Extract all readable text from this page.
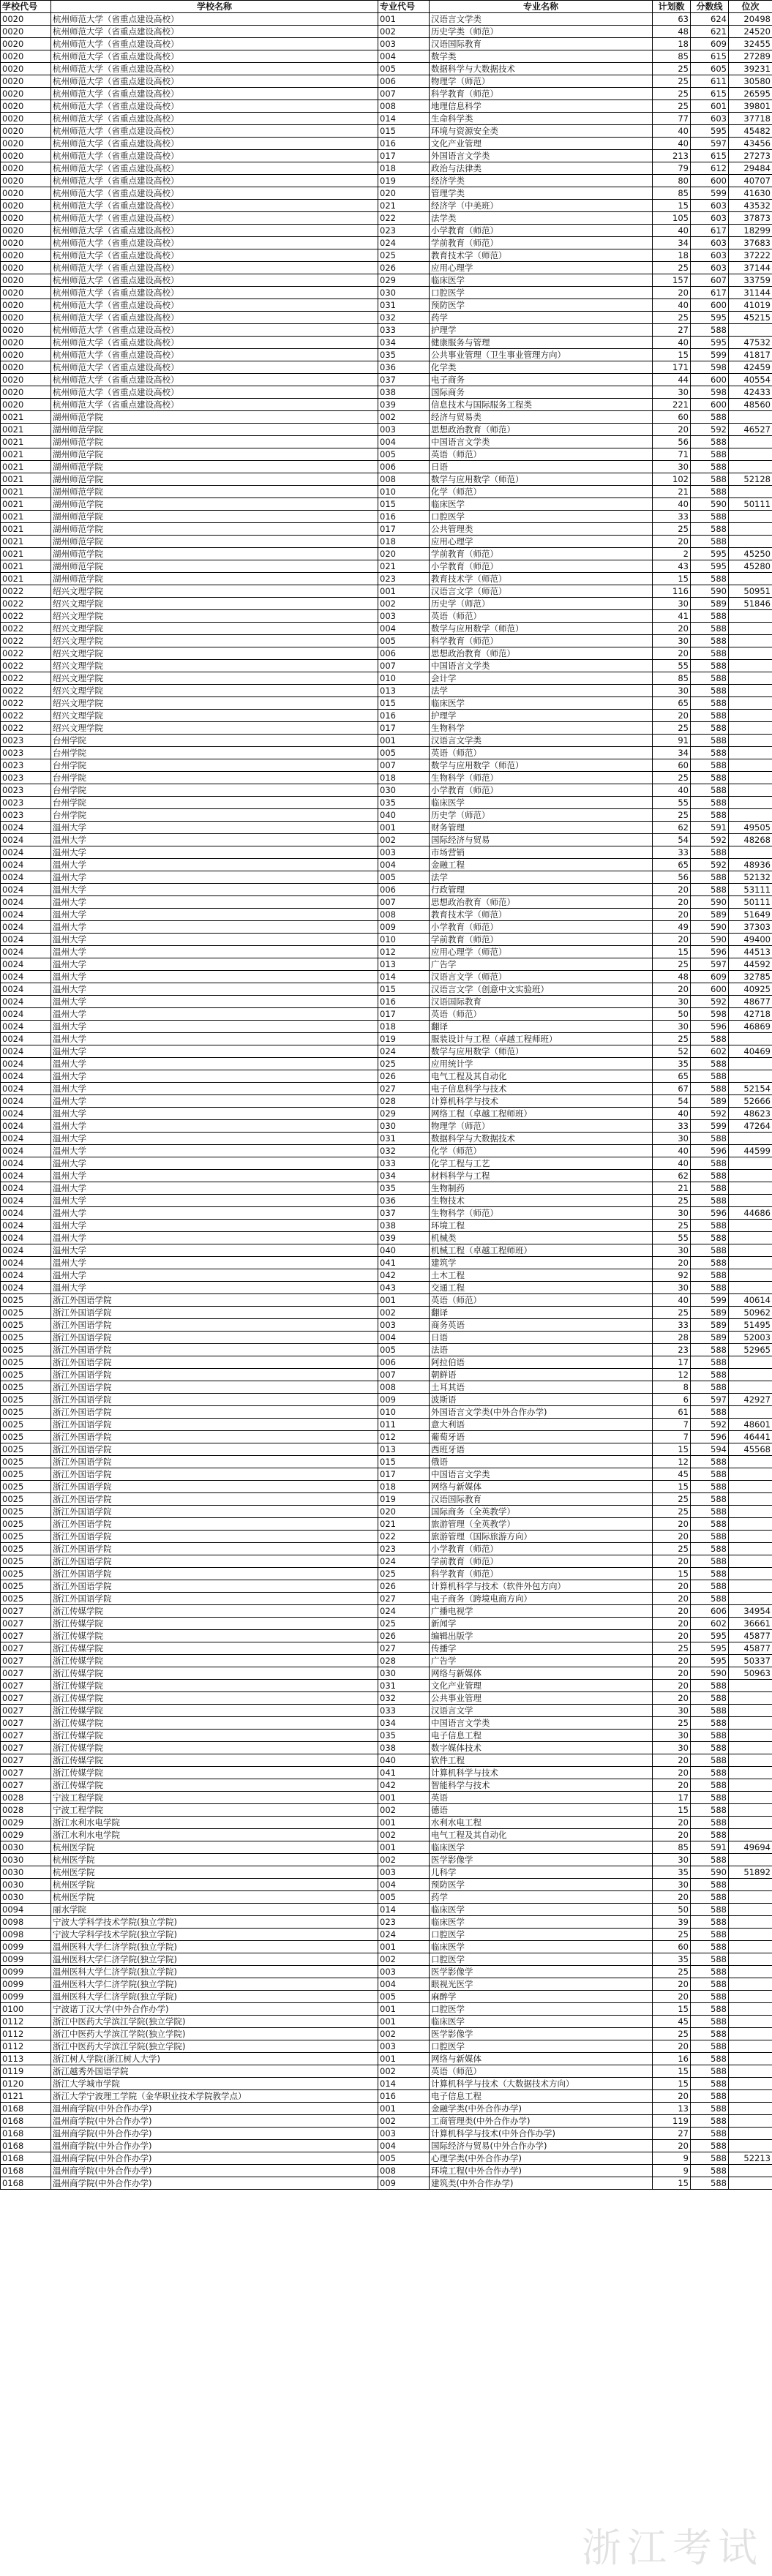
学校代号	学校名称	专业代号	专业名称	计划数	分数线	位次
0020	杭州师范大学（省重点建设高校）	001	汉语言文学类	63	624	20498
0020	杭州师范大学（省重点建设高校）	002	历史学类（师范）	48	621	24520
0020	杭州师范大学（省重点建设高校）	003	汉语国际教育	18	609	32455
0020	杭州师范大学（省重点建设高校）	004	数学类	85	615	27289
0020	杭州师范大学（省重点建设高校）	005	数据科学与大数据技术	25	605	39231
0020	杭州师范大学（省重点建设高校）	006	物理学（师范）	25	611	30580
0020	杭州师范大学（省重点建设高校）	007	科学教育（师范）	25	615	26595
0020	杭州师范大学（省重点建设高校）	008	地理信息科学	25	601	39801
0020	杭州师范大学（省重点建设高校）	014	生命科学类	77	603	37718
0020	杭州师范大学（省重点建设高校）	015	环境与资源安全类	40	595	45482
0020	杭州师范大学（省重点建设高校）	016	文化产业管理	40	597	43456
0020	杭州师范大学（省重点建设高校）	017	外国语言文学类	213	615	27273
0020	杭州师范大学（省重点建设高校）	018	政治与法律类	79	612	29484
0020	杭州师范大学（省重点建设高校）	019	经济学类	80	600	40707
0020	杭州师范大学（省重点建设高校）	020	管理学类	85	599	41630
0020	杭州师范大学（省重点建设高校）	021	经济学（中美班）	15	603	43532
0020	杭州师范大学（省重点建设高校）	022	法学类	105	603	37873
0020	杭州师范大学（省重点建设高校）	023	小学教育（师范）	40	617	18299
0020	杭州师范大学（省重点建设高校）	024	学前教育（师范）	34	603	37683
0020	杭州师范大学（省重点建设高校）	025	教育技术学（师范）	18	603	37222
0020	杭州师范大学（省重点建设高校）	026	应用心理学	25	603	37144
0020	杭州师范大学（省重点建设高校）	029	临床医学	157	607	33759
0020	杭州师范大学（省重点建设高校）	030	口腔医学	20	617	31144
0020	杭州师范大学（省重点建设高校）	031	预防医学	40	600	41019
0020	杭州师范大学（省重点建设高校）	032	药学	25	595	45215
0020	杭州师范大学（省重点建设高校）	033	护理学	27	588	
0020	杭州师范大学（省重点建设高校）	034	健康服务与管理	40	595	47532
0020	杭州师范大学（省重点建设高校）	035	公共事业管理（卫生事业管理方向）	15	599	41817
0020	杭州师范大学（省重点建设高校）	036	化学类	171	598	42459
0020	杭州师范大学（省重点建设高校）	037	电子商务	44	600	40554
0020	杭州师范大学（省重点建设高校）	038	国际商务	30	598	42433
0020	杭州师范大学（省重点建设高校）	039	信息技术与国际服务工程类	221	600	48560
0021	湖州师范学院	002	经济与贸易类	60	588	
0021	湖州师范学院	003	思想政治教育（师范）	20	592	46527
0021	湖州师范学院	004	中国语言文学类	56	588	
0021	湖州师范学院	005	英语（师范）	71	588	
0021	湖州师范学院	006	日语	30	588	
0021	湖州师范学院	008	数学与应用数学（师范）	102	588	52128
0021	湖州师范学院	010	化学（师范）	21	588	
0021	湖州师范学院	015	临床医学	40	590	50111
0021	湖州师范学院	016	口腔医学	33	588	
0021	湖州师范学院	017	公共管理类	25	588	
0021	湖州师范学院	018	应用心理学	20	588	
0021	湖州师范学院	020	学前教育（师范）	2	595	45250
0021	湖州师范学院	021	小学教育（师范）	43	595	45280
0021	湖州师范学院	023	教育技术学（师范）	15	588	
0022	绍兴文理学院	001	汉语言文学（师范）	116	590	50951
0022	绍兴文理学院	002	历史学（师范）	30	589	51846
0022	绍兴文理学院	003	英语（师范）	41	588	
0022	绍兴文理学院	004	数学与应用数学（师范）	20	588	
0022	绍兴文理学院	005	科学教育（师范）	30	588	
0022	绍兴文理学院	006	思想政治教育（师范）	20	588	
0022	绍兴文理学院	007	中国语言文学类	55	588	
0022	绍兴文理学院	010	会计学	85	588	
0022	绍兴文理学院	013	法学	30	588	
0022	绍兴文理学院	015	临床医学	65	588	
0022	绍兴文理学院	016	护理学	20	588	
0022	绍兴文理学院	017	生物科学	25	588	
0023	台州学院	001	汉语言文学类	91	588	
0023	台州学院	005	英语（师范）	34	588	
0023	台州学院	007	数学与应用数学（师范）	60	588	
0023	台州学院	018	生物科学（师范）	25	588	
0023	台州学院	030	小学教育（师范）	40	588	
0023	台州学院	035	临床医学	55	588	
0023	台州学院	040	历史学（师范）	25	588	
0024	温州大学	001	财务管理	62	591	49505
0024	温州大学	002	国际经济与贸易	54	592	48268
0024	温州大学	003	市场营销	33	588	
0024	温州大学	004	金融工程	65	592	48936
0024	温州大学	005	法学	56	588	52132
0024	温州大学	006	行政管理	20	588	53111
0024	温州大学	007	思想政治教育（师范）	20	590	50111
0024	温州大学	008	教育技术学（师范）	20	589	51649
0024	温州大学	009	小学教育（师范）	49	590	37303
0024	温州大学	010	学前教育（师范）	20	590	49400
0024	温州大学	012	应用心理学（师范）	15	596	44513
0024	温州大学	013	广告学	25	597	44592
0024	温州大学	014	汉语言文学（师范）	48	609	32785
0024	温州大学	015	汉语言文学（创意中文实验班）	20	600	40925
0024	温州大学	016	汉语国际教育	30	592	48677
0024	温州大学	017	英语（师范）	50	598	42718
0024	温州大学	018	翻译	30	596	46869
0024	温州大学	019	服装设计与工程（卓越工程师班）	25	588	
0024	温州大学	024	数学与应用数学（师范）	52	602	40469
0024	温州大学	025	应用统计学	35	588	
0024	温州大学	026	电气工程及其自动化	65	588	
0024	温州大学	027	电子信息科学与技术	67	588	52154
0024	温州大学	028	计算机科学与技术	54	589	52666
0024	温州大学	029	网络工程（卓越工程师班）	40	592	48623
0024	温州大学	030	物理学（师范）	33	599	47264
0024	温州大学	031	数据科学与大数据技术	30	588	
0024	温州大学	032	化学（师范）	40	596	44599
0024	温州大学	033	化学工程与工艺	40	588	
0024	温州大学	034	材料科学与工程	62	588	
0024	温州大学	035	生物制药	21	588	
0024	温州大学	036	生物技术	25	588	
0024	温州大学	037	生物科学（师范）	30	596	44686
0024	温州大学	038	环境工程	25	588	
0024	温州大学	039	机械类	55	588	
0024	温州大学	040	机械工程（卓越工程师班）	30	588	
0024	温州大学	041	建筑学	20	588	
0024	温州大学	042	土木工程	92	588	
0024	温州大学	043	交通工程	30	588	
0025	浙江外国语学院	001	英语（师范）	40	599	40614
0025	浙江外国语学院	002	翻译	25	589	50962
0025	浙江外国语学院	003	商务英语	33	589	51495
0025	浙江外国语学院	004	日语	28	589	52003
0025	浙江外国语学院	005	法语	23	588	52965
0025	浙江外国语学院	006	阿拉伯语	17	588	
0025	浙江外国语学院	007	朝鲜语	12	588	
0025	浙江外国语学院	008	土耳其语	8	588	
0025	浙江外国语学院	009	波斯语	6	597	42927
0025	浙江外国语学院	010	外国语言文学类(中外合作办学)	61	588	
0025	浙江外国语学院	011	意大利语	7	592	48601
0025	浙江外国语学院	012	葡萄牙语	7	596	46441
0025	浙江外国语学院	013	西班牙语	15	594	45568
0025	浙江外国语学院	015	俄语	12	588	
0025	浙江外国语学院	017	中国语言文学类	45	588	
0025	浙江外国语学院	018	网络与新媒体	15	588	
0025	浙江外国语学院	019	汉语国际教育	25	588	
0025	浙江外国语学院	020	国际商务（全英教学）	25	588	
0025	浙江外国语学院	021	旅游管理（全英教学）	20	588	
0025	浙江外国语学院	022	旅游管理（国际旅游方向）	20	588	
0025	浙江外国语学院	023	小学教育（师范）	25	588	
0025	浙江外国语学院	024	学前教育（师范）	20	588	
0025	浙江外国语学院	025	科学教育（师范）	15	588	
0025	浙江外国语学院	026	计算机科学与技术（软件外包方向）	20	588	
0025	浙江外国语学院	027	电子商务（跨境电商方向）	20	588	
0027	浙江传媒学院	024	广播电视学	20	606	34954
0027	浙江传媒学院	025	新闻学	20	602	36661
0027	浙江传媒学院	026	编辑出版学	20	595	45877
0027	浙江传媒学院	027	传播学	25	595	45877
0027	浙江传媒学院	028	广告学	20	595	50337
0027	浙江传媒学院	030	网络与新媒体	20	590	50963
0027	浙江传媒学院	031	文化产业管理	20	588	
0027	浙江传媒学院	032	公共事业管理	20	588	
0027	浙江传媒学院	033	汉语言文学	30	588	
0027	浙江传媒学院	034	中国语言文学类	25	588	
0027	浙江传媒学院	035	电子信息工程	30	588	
0027	浙江传媒学院	038	数字媒体技术	30	588	
0027	浙江传媒学院	040	软件工程	20	588	
0027	浙江传媒学院	041	计算机科学与技术	20	588	
0027	浙江传媒学院	042	智能科学与技术	20	588	
0028	宁波工程学院	001	英语	17	588	
0028	宁波工程学院	002	德语	15	588	
0029	浙江水利水电学院	001	水利水电工程	20	588	
0029	浙江水利水电学院	002	电气工程及其自动化	20	588	
0030	杭州医学院	001	临床医学	85	591	49694
0030	杭州医学院	002	医学影像学	30	588	
0030	杭州医学院	003	儿科学	35	590	51892
0030	杭州医学院	004	预防医学	30	588	
0030	杭州医学院	005	药学	20	588	
0094	丽水学院	014	临床医学	50	588	
0098	宁波大学科学技术学院(独立学院)	023	临床医学	39	588	
0098	宁波大学科学技术学院(独立学院)	024	口腔医学	25	588	
0099	温州医科大学仁济学院(独立学院)	001	临床医学	60	588	
0099	温州医科大学仁济学院(独立学院)	002	口腔医学	35	588	
0099	温州医科大学仁济学院(独立学院)	003	医学影像学	25	588	
0099	温州医科大学仁济学院(独立学院)	004	眼视光医学	20	588	
0099	温州医科大学仁济学院(独立学院)	005	麻醉学	20	588	
0100	宁波诺丁汉大学(中外合作办学)	001	口腔医学	15	588	
0112	浙江中医药大学滨江学院(独立学院)	001	临床医学	45	588	
0112	浙江中医药大学滨江学院(独立学院)	002	医学影像学	25	588	
0112	浙江中医药大学滨江学院(独立学院)	003	口腔医学	20	588	
0113	浙江树人学院(浙江树人大学)	001	网络与新媒体	16	588	
0119	浙江越秀外国语学院	002	英语（师范）	15	588	
0120	浙江大学城市学院	014	计算机科学与技术（大数据技术方向）	15	588	
0121	浙江大学宁波理工学院（金华职业技术学院教学点）	016	电子信息工程	20	588	
0168	温州商学院(中外合作办学)	001	金融学类(中外合作办学)	13	588	
0168	温州商学院(中外合作办学)	002	工商管理类(中外合作办学)	119	588	
0168	温州商学院(中外合作办学)	003	计算机科学与技术(中外合作办学)	27	588	
0168	温州商学院(中外合作办学)	004	国际经济与贸易(中外合作办学)	20	588	
0168	温州商学院(中外合作办学)	005	心理学类(中外合作办学)	9	588	52213
0168	温州商学院(中外合作办学)	008	环境工程(中外合作办学)	9	588	
0168	温州商学院(中外合作办学)	009	建筑类(中外合作办学)	15	588	
浙江考试
